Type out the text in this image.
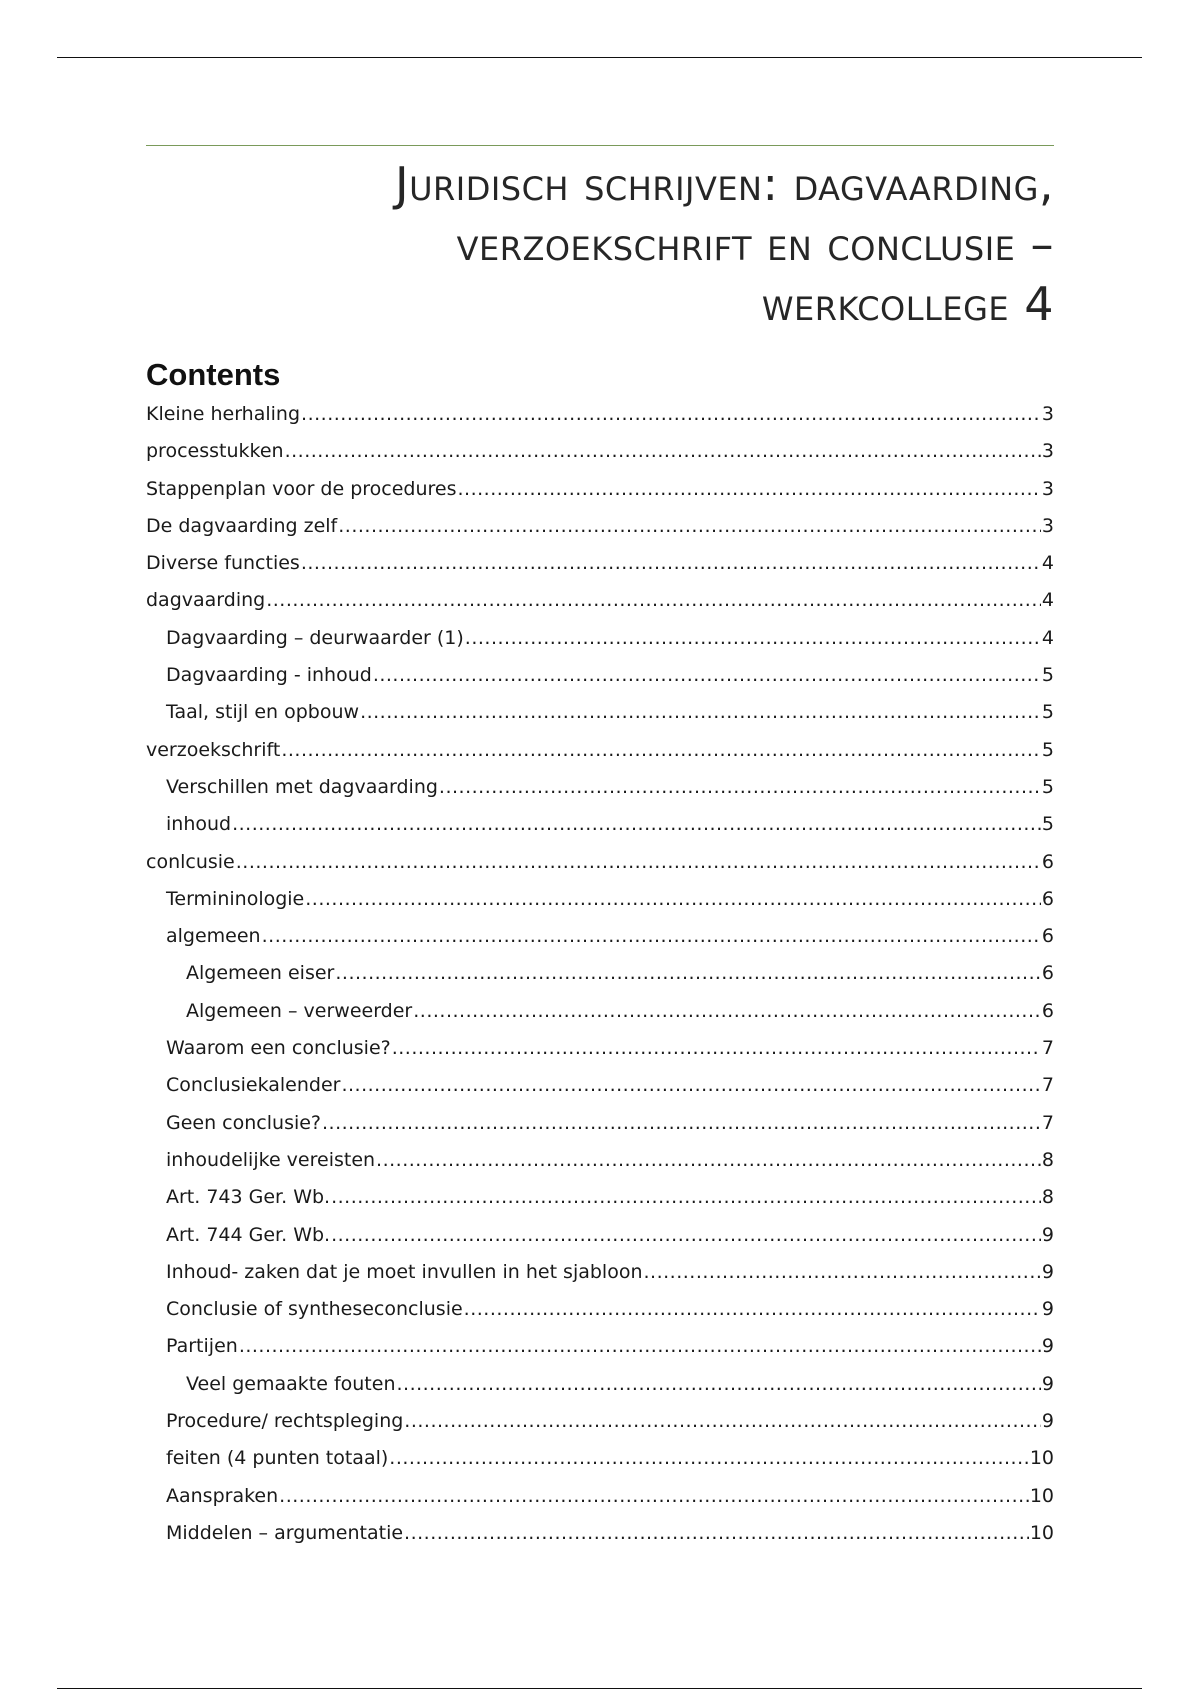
Juridisch schrijven: dagvaarding,
verzoekschrift en conclusie –
werkcollege 4
Contents
Kleine herhaling .....	3
processtukken .....	3
Stappenplan voor de procedures .....	3
De dagvaarding zelf .....	3
Diverse functies .....	4
dagvaarding .....	4
Dagvaarding – deurwaarder (1) .....	4
Dagvaarding - inhoud .....	5
Taal, stijl en opbouw .....	5
verzoekschrift .....	5
Verschillen met dagvaarding .....	5
inhoud .....	5
conlcusie .....	6
Termininologie .....	6
algemeen .....	6
Algemeen eiser .....	6
Algemeen – verweerder .....	6
Waarom een conclusie? .....	7
Conclusiekalender .....	7
Geen conclusie? .....	7
inhoudelijke vereisten .....	8
Art. 743 Ger. Wb. .....	8
Art. 744 Ger. Wb. .....	9
Inhoud- zaken dat je moet invullen in het sjabloon .....	9
Conclusie of syntheseconclusie .....	9
Partijen .....	9
Veel gemaakte fouten .....	9
Procedure/ rechtspleging .....	9
feiten (4 punten totaal) .....	10
Aanspraken .....	10
Middelen – argumentatie .....	10
